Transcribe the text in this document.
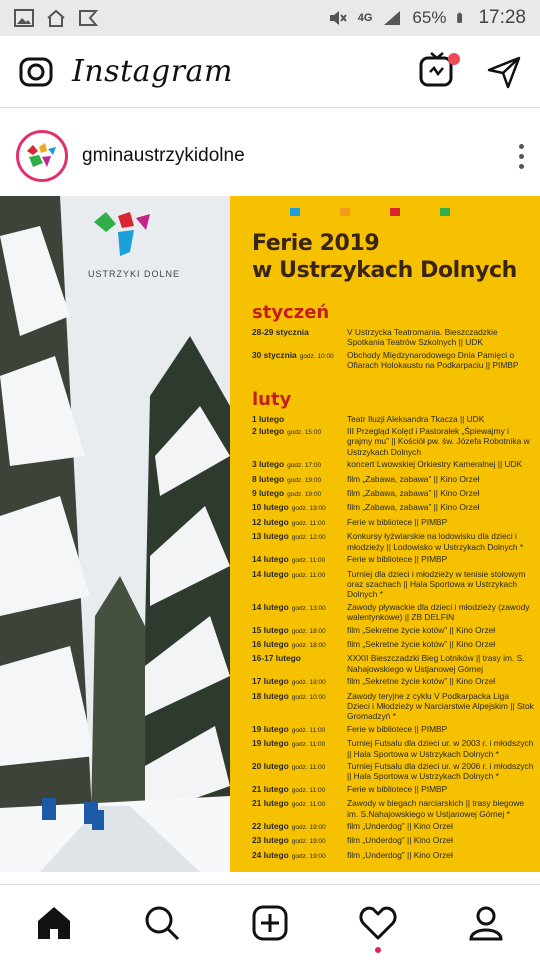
4G 65% 17:28
Instagram
gminaustrzykidolne
USTRZYKI DOLNE
Ferie 2019
w Ustrzykach Dolnych
styczeń
28-29 stycznia	V Ustrzycka Teatromania. Bieszczadzkie Spotkania Teatrów Szkolnych || UDK
30 stycznia godz. 10:00	Obchody Międzynarodowego Dnia Pamięci o Ofiarach Holokaustu na Podkarpaciu || PIMBP
luty
1 lutego	Teatr Iluzji Aleksandra Tkacza || UDK
2 lutego godz. 15:00	III Przegląd Kolęd i Pastorałek „Śpiewajmy i grajmy mu” || Kościół pw. św. Józefa Robotnika w Ustrzykach Dolnych
3 lutego godz. 17:00	koncert Lwowskiej Orkiestry Kameralnej || UDK
8 lutego godz. 19:00	film „Zabawa, zabawa” || Kino Orzeł
9 lutego godz. 19:00	film „Zabawa, zabawa” || Kino Orzeł
10 lutego godz. 19:00	film „Zabawa, zabawa” || Kino Orzeł
12 lutego godz. 11:00	Ferie w bibliotece || PIMBP
13 lutego godz. 12:00	Konkursy łyżwiarskie na lodowisku dla dzieci i młodzieży || Lodowisko w Ustrzykach Dolnych *
14 lutego godz. 11:00	Ferie w bibliotece || PIMBP
14 lutego godz. 11:00	Turniej dla dzieci i młodzieży w tenisie stołowym oraz szachach || Hala Sportowa w Ustrzykach Dolnych *
14 lutego godz. 13:00	Zawody pływackie dla dzieci i młodzieży (zawody walentynkowe) || ZB DELFIN
15 lutego godz. 18:00	film „Sekretne życie kotów” || Kino Orzeł
16 lutego godz. 18:00	film „Sekretne życie kotów” || Kino Orzeł
16-17 lutego	XXXII Bieszczadzki Bieg Lotników || trasy im. S. Nahajowskiego w Ustjanowej Górnej
17 lutego godz. 18:00	film „Sekretne życie kotów” || Kino Orzeł
18 lutego godz. 10:00	Zawody teryjne z cyklu V Podkarpacka Liga Dzieci i Młodzieży w Narciarstwie Alpejskim || Stok Gromadzyń *
19 lutego godz. 11:00	Ferie w bibliotece || PIMBP
19 lutego godz. 11:00	Turniej Futsalu dla dzieci ur. w 2003 r. i młodszych || Hala Sportowa w Ustrzykach Dolnych *
20 lutego godz. 11:00	Turniej Futsalu dla dzieci ur. w 2006 r. i młodszych || Hala Sportowa w Ustrzykach Dolnych *
21 lutego godz. 11:00	Ferie w bibliotece || PIMBP
21 lutego godz. 11:00	Zawody w biegach narciarskich || trasy biegowe im. S.Nahajowskiego w Ustjanowej Górnej *
22 lutego godz. 19:00	film „Underdog” || Kino Orzeł
23 lutego godz. 19:00	film „Underdog” || Kino Orzeł
24 lutego godz. 19:00	film „Underdog” || Kino Orzeł
